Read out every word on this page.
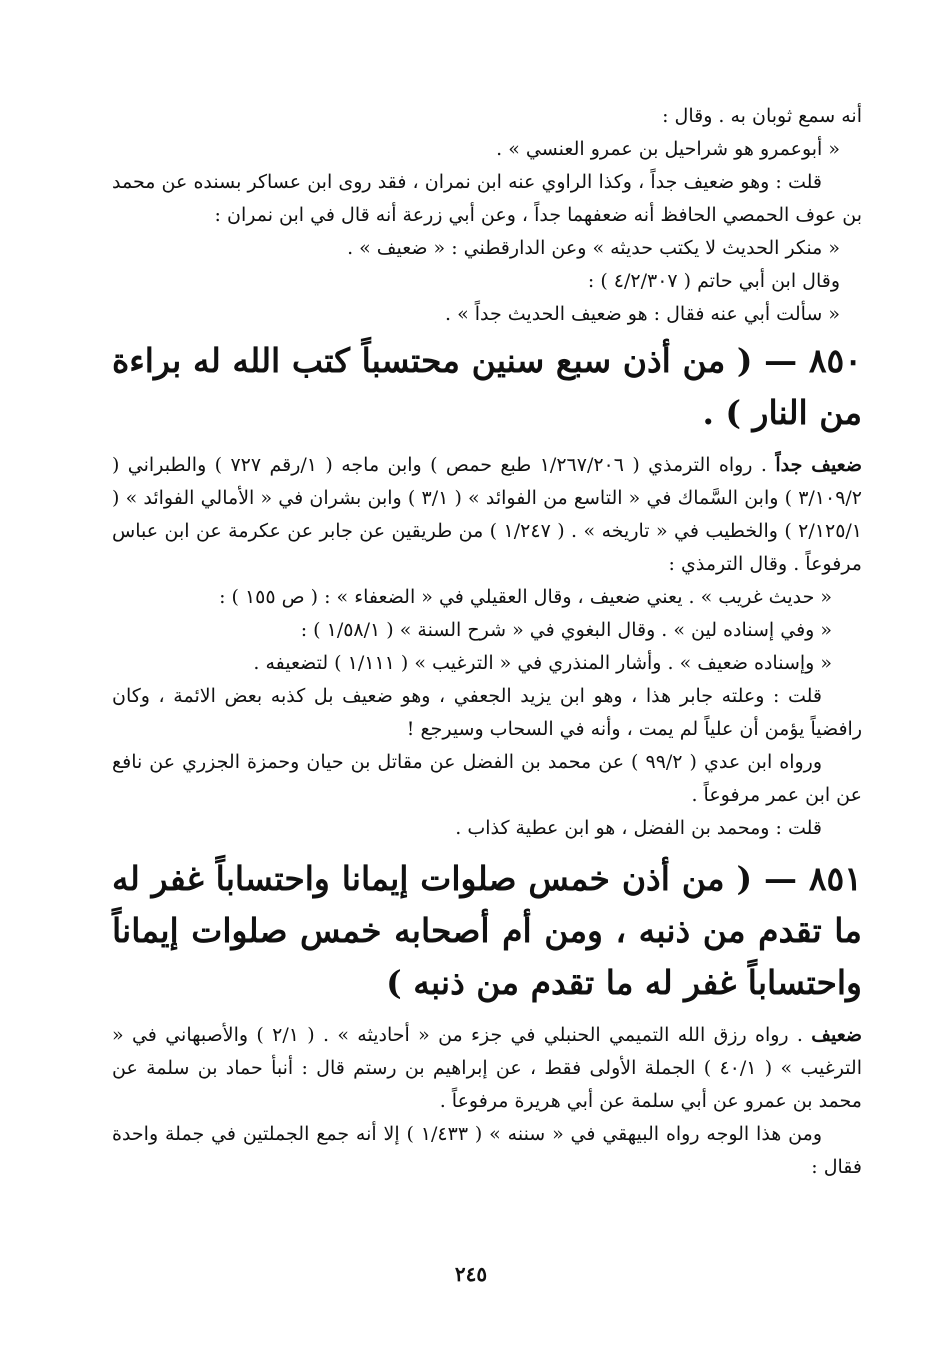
أنه سمع ثوبان به . وقال :

« أبوعمرو هو شراحيل بن عمرو العنسي » .

قلت : وهو ضعيف جداً ، وكذا الراوي عنه ابن نمران ، فقد روى ابن عساكر بسنده عن محمد بن عوف الحمصي الحافظ أنه ضعفهما جداً ، وعن أبي زرعة أنه قال في ابن نمران :

« منكر الحديث لا يكتب حديثه » وعن الدارقطني : « ضعيف » .

وقال ابن أبي حاتم ( ٤/٢/٣٠٧ ) :

« سألت أبي عنه فقال : هو ضعيف الحديث جداً » .

٨٥٠ — ( من أذن سبع سنين محتسباً كتب الله له براءة من النار ) .

ضعيف جداً . رواه الترمذي ( ١/٢٦٧/٢٠٦ طبع حمص ) وابن ماجه ( ١/رقم ٧٢٧ ) والطبراني ( ٣/١٠٩/٢ ) وابن السَّماك في « التاسع من الفوائد » ( ٣/١ ) وابن بشران في « الأمالي الفوائد » ( ٢/١٢٥/١ ) والخطيب في « تاريخه » . ( ١/٢٤٧ ) من طريقين عن جابر عن عكرمة عن ابن عباس مرفوعاً . وقال الترمذي :

« حديث غريب » . يعني ضعيف ، وقال العقيلي في « الضعفاء » : ( ص ١٥٥ ) :

« وفي إسناده لين » . وقال البغوي في « شرح السنة » ( ١/٥٨/١ ) :

« وإسناده ضعيف » . وأشار المنذري في « الترغيب » ( ١/١١١ ) لتضعيفه .

قلت : وعلته جابر هذا ، وهو ابن يزيد الجعفي ، وهو ضعيف بل كذبه بعض الائمة ، وكان رافضياً يؤمن أن علياً لم يمت ، وأنه في السحاب وسيرجع !

ورواه ابن عدي ( ٩٩/٢ ) عن محمد بن الفضل عن مقاتل بن حيان وحمزة الجزري عن نافع عن ابن عمر مرفوعاً .

قلت : ومحمد بن الفضل ، هو ابن عطية كذاب .

٨٥١ — ( من أذن خمس صلوات إيمانا واحتساباً غفر له ما تقدم من ذنبه ، ومن أم أصحابه خمس صلوات إيماناً واحتساباً غفر له ما تقدم من ذنبه )

ضعيف . رواه رزق الله التميمي الحنبلي في جزء من « أحاديثه » . ( ٢/١ ) والأصبهاني في « الترغيب » ( ٤٠/١ ) الجملة الأولى فقط ، عن إبراهيم بن رستم قال : أنبأ حماد بن سلمة عن محمد بن عمرو عن أبي سلمة عن أبي هريرة مرفوعاً .

ومن هذا الوجه رواه البيهقي في « سننه » ( ١/٤٣٣ ) إلا أنه جمع الجملتين في جملة واحدة فقال :

٢٤٥
